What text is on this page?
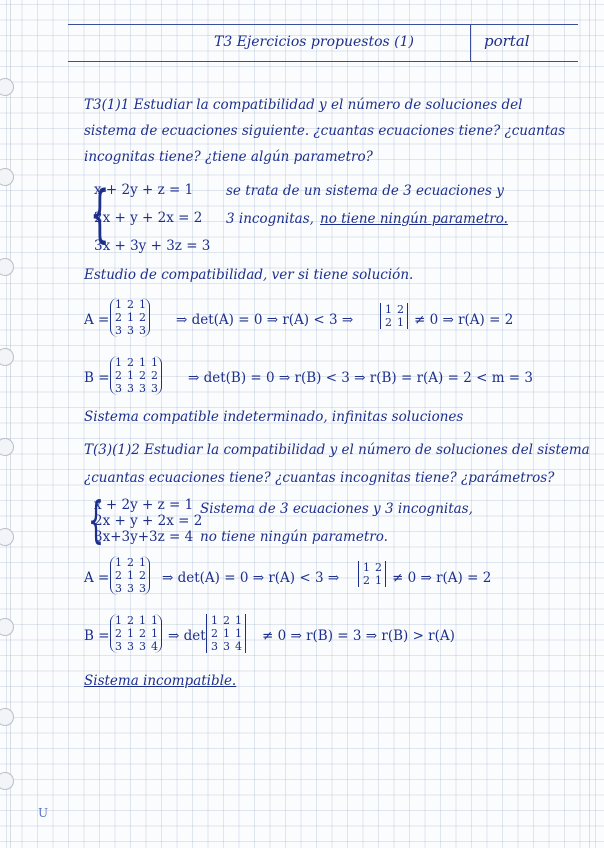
T3 Ejercicios propuestos (1)	portal
T3(1)1 Estudiar la compatibilidad y el número de soluciones del
sistema de ecuaciones siguiente. ¿cuantas ecuaciones tiene? ¿cuantas
incognitas tiene? ¿tiene algún parametro?
{
x + 2y + z = 1
2x + y + 2x = 2
3x + 3y + 3z = 3
se trata de un sistema de 3 ecuaciones y
3 incognitas, no tiene ningún parametro.
Estudio de compatibilidad, ver si tiene solución.
A =
1 2 1
2 1 2
3 3 3
⇒ det(A) = 0 ⇒ r(A) < 3 ⇒
1 2
2 1 ≠ 0 ⇒ r(A) = 2
B =
1 2 1 1
2 1 2 2
3 3 3 3
⇒ det(B) = 0 ⇒ r(B) < 3 ⇒ r(B) = r(A) = 2 < m = 3
Sistema compatible indeterminado, infinitas soluciones
T(3)(1)2 Estudiar la compatibilidad y el número de soluciones del sistema
¿cuantas ecuaciones tiene? ¿cuantas incognitas tiene? ¿parámetros?
{
x + 2y + z = 1
2x + y + 2x = 2
3x+3y+3z = 4
Sistema de 3 ecuaciones y 3 incognitas,
no tiene ningún parametro.
A =
1 2 1
2 1 2
3 3 3
⇒ det(A) = 0 ⇒ r(A) < 3 ⇒
1 2
2 1 ≠ 0 ⇒ r(A) = 2
B =
1 2 1 1
2 1 2 1
3 3 3 4
⇒ det
1 2 1
2 1 1
3 3 4
≠ 0 ⇒ r(B) = 3 ⇒ r(B) > r(A)
Sistema incompatible.
U
